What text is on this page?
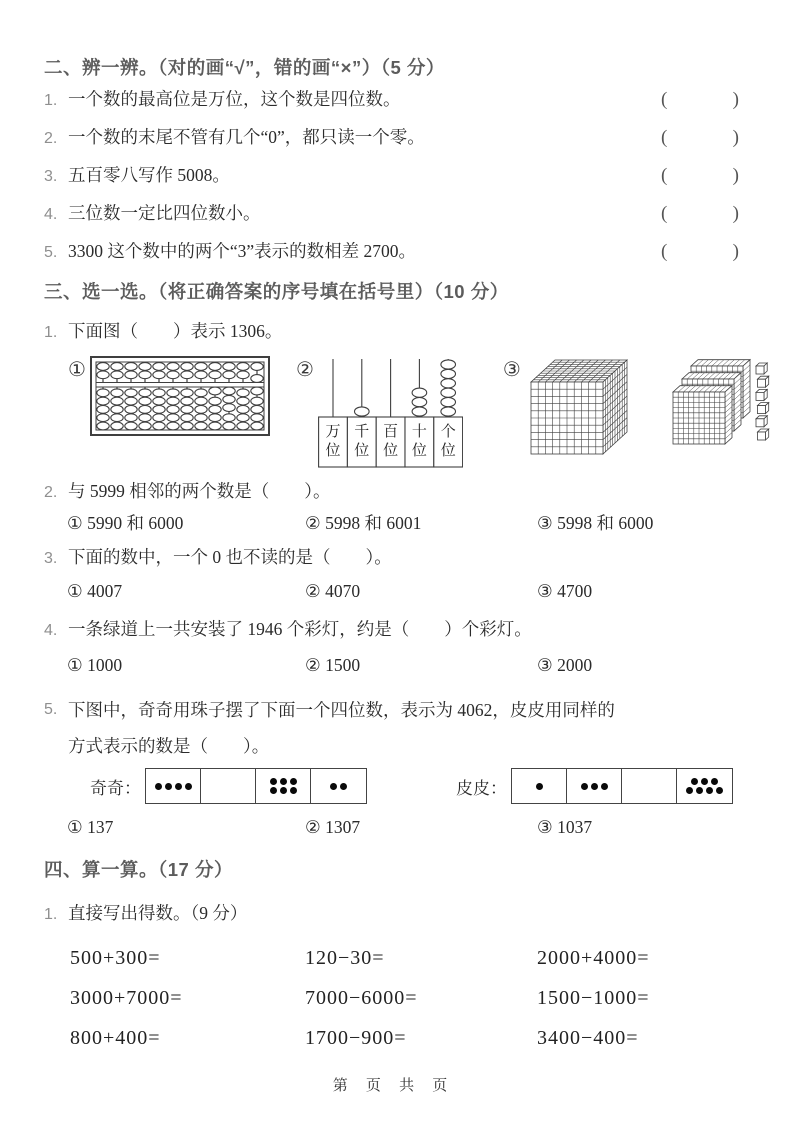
二、辨一辨。（对的画“√”，错的画“×”）（5 分）
1. 一个数的最高位是万位，这个数是四位数。	(	)
2. 一个数的末尾不管有几个“0”，都只读一个零。	(	)
3. 五百零八写作 5008。	(	)
4. 三位数一定比四位数小。	(	)
5. 3300 这个数中的两个“3”表示的数相差 2700。	(	)
三、选一选。（将正确答案的序号填在括号里）（10 分）
1. 下面图（　　）表示 1306。
①	②
万
位
千
位
百
位
十
位
个
位
③
2. 与 5999 相邻的两个数是（　　）。
① 5990 和 6000	② 5998 和 6001	③ 5998 和 6000
3. 下面的数中，一个 0 也不读的是（　　）。
① 4007	② 4070	③ 4700
4. 一条绿道上一共安装了 1946 个彩灯，约是（　　）个彩灯。
① 1000	② 1500	③ 2000
5. 下图中，奇奇用珠子摆了下面一个四位数，表示为 4062，皮皮用同样的
方式表示的数是（　　）。
奇奇：	皮皮：
① 137	② 1307	③ 1037
四、算一算。（17 分）
1. 直接写出得数。（9 分）
500+300=	120−30=	2000+4000=
3000+7000=	7000−6000=	1500−1000=
800+400=	1700−900=	3400−400=
第 页 共 页
